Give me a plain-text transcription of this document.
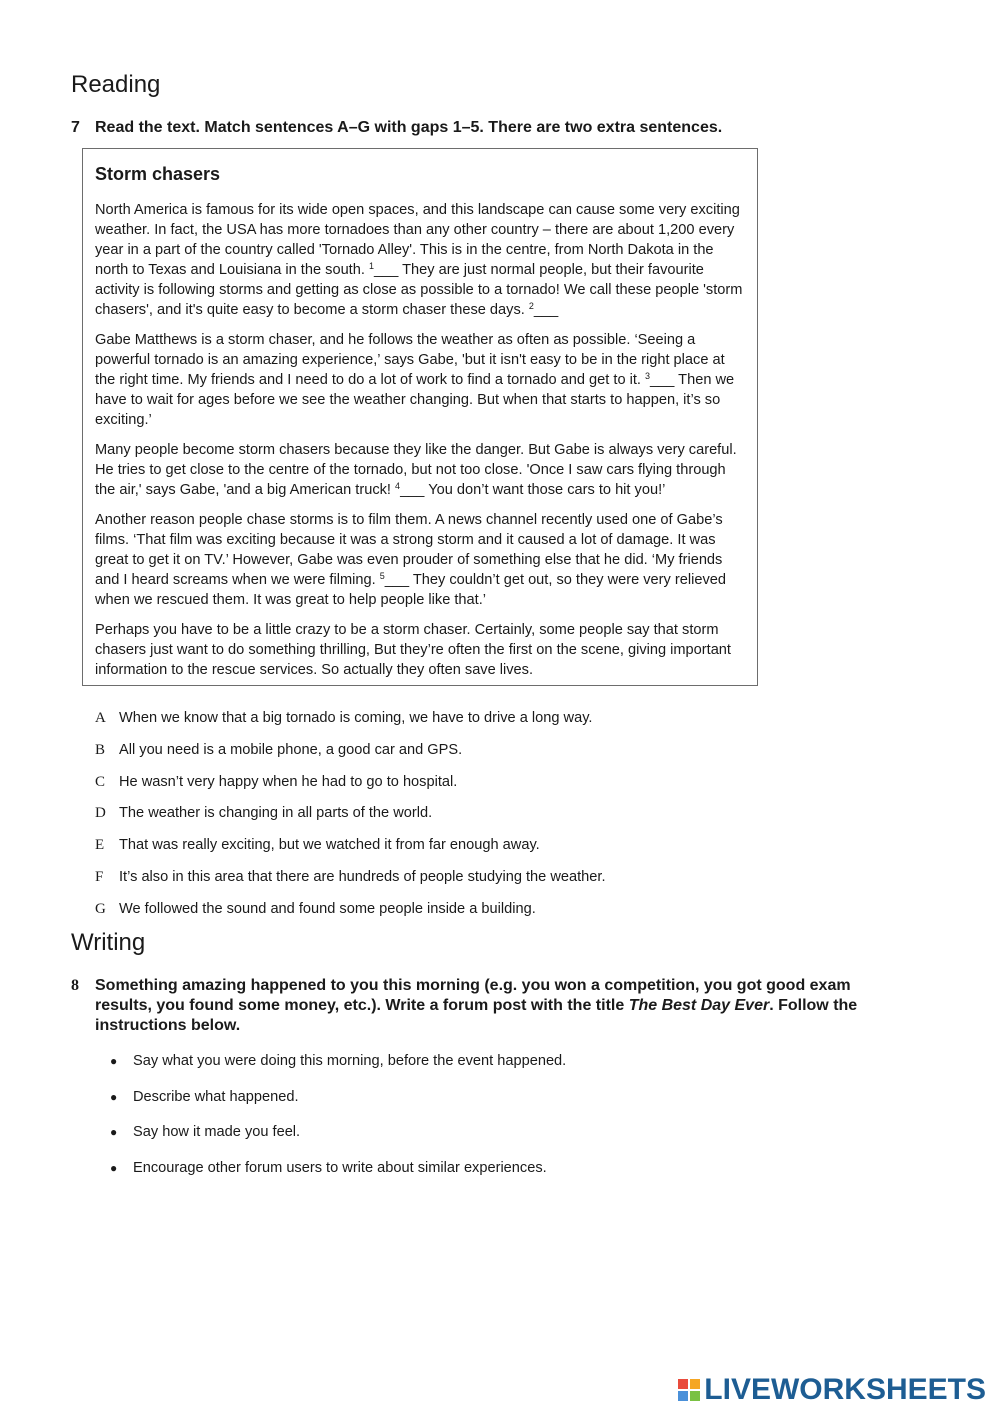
Reading
7 Read the text. Match sentences A–G with gaps 1–5. There are two extra sentences.
Storm chasers

North America is famous for its wide open spaces, and this landscape can cause some very exciting weather. In fact, the USA has more tornadoes than any other country – there are about 1,200 every year in a part of the country called 'Tornado Alley'. This is in the centre, from North Dakota in the north to Texas and Louisiana in the south. $^1$___ They are just normal people, but their favourite activity is following storms and getting as close as possible to a tornado! We call these people 'storm chasers', and it's quite easy to become a storm chaser these days. $^2$___

Gabe Matthews is a storm chaser, and he follows the weather as often as possible. ‘Seeing a powerful tornado is an amazing experience,’ says Gabe, 'but it isn't easy to be in the right place at the right time. My friends and I need to do a lot of work to find a tornado and get to it. $^3$___ Then we have to wait for ages before we see the weather changing. But when that starts to happen, it’s so exciting.’

Many people become storm chasers because they like the danger. But Gabe is always very careful. He tries to get close to the centre of the tornado, but not too close. 'Once I saw cars flying through the air,' says Gabe, 'and a big American truck! $^4$___ You don’t want those cars to hit you!’

Another reason people chase storms is to film them. A news channel recently used one of Gabe’s films. ‘That film was exciting because it was a strong storm and it caused a lot of damage. It was great to get it on TV.’ However, Gabe was even prouder of something else that he did. ‘My friends and I heard screams when we were filming. $^5$___ They couldn’t get out, so they were very relieved when we rescued them. It was great to help people like that.’

Perhaps you have to be a little crazy to be a storm chaser. Certainly, some people say that storm chasers just want to do something thrilling, But they’re often the first on the scene, giving important information to the rescue services. So actually they often save lives.

A When we know that a big tornado is coming, we have to drive a long way.
B All you need is a mobile phone, a good car and GPS.
C He wasn’t very happy when he had to go to hospital.
D The weather is changing in all parts of the world.
E	That was really exciting, but we watched it from far enough away.
F	It’s also in this area that there are hundreds of people studying the weather.
G We followed the sound and found some people inside a building.
Writing
8	Something amazing happened to you this morning (e.g. you won a competition, you got good exam results, you found some money, etc.). Write a forum post with the title The Best Day Ever. Follow the instructions below.
●	Say what you were doing this morning, before the event happened.
●	Describe what happened.
●	Say how it made you feel.
●	Encourage other forum users to write about similar experiences.
LIVEWORKSHEETS
